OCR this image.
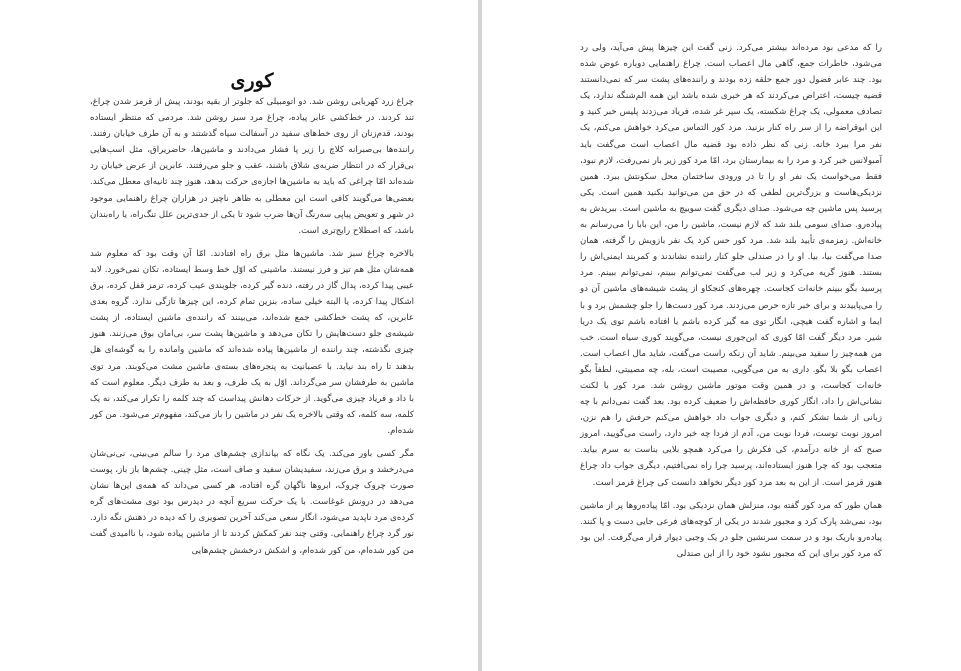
کوری

چراغ زرد کهربایی روشن شد. دو اتومبیلی که جلوتر از بقیه بودند، پیش از قرمز شدن چراغ، تند کردند. در خط‌کشی عابر پیاده، چراغ مرد سبز روشن شد. مردمی که منتظر ایستاده بودند، قدم‌زنان از روی خط‌های سفید در آسفالت سیاه گذشتند و به آن طرف خیابان رفتند. راننده‌ها بی‌صبرانه کلاچ را زیر پا فشار می‌دادند و ماشین‌ها، حاضریراق، مثل اسب‌هایی بی‌قرار که در انتظار ضربه‌ی شلاق باشند، عقب و جلو می‌رفتند. عابرین از عرض خیابان رد شده‌اند امّا چراغی که باید به ماشین‌ها اجازه‌ی حرکت بدهد، هنوز چند ثانیه‌ای معطل می‌کند. بعضی‌ها می‌گویند کافی است این معطلی به ظاهر ناچیز در هزاران چراغ راهنمایی موجود در شهر و تعویض پیاپی سه‌رنگ آن‌ها ضرب شود تا یکی از جدی‌ترین علل تنگ‌راه، یا راه‌بندان باشد، که اصطلاح رایج‌تری است.

بالاخره چراغ سبز شد. ماشین‌ها مثل برق راه افتادند. امّا آن وقت بود که معلوم شد همه‌شان مثل هم تیز و فرز نیستند. ماشینی که اوّل خط وسط ایستاده، تکان نمی‌خورد. لابد عیبی پیدا کرده، پدال گاز در رفته، دنده گیر کرده، جلوبندی عیب کرده، ترمز قفل کرده، برق اشکال پیدا کرده، یا البته خیلی ساده، بنزین تمام کرده، این چیزها تازگی ندارد. گروه بعدی عابرین، که پشت خط‌کشی جمع شده‌اند، می‌بینند که راننده‌ی ماشین ایستاده، از پشت شیشه‌ی جلو دست‌هایش را تکان می‌دهد و ماشین‌ها پشت سر، بی‌امان بوق می‌زنند. هنوز چیزی نگذشته، چند راننده از ماشین‌ها پیاده شده‌اند که ماشین وامانده را به گوشه‌ای هل بدهند تا راه بند نیاید. با عصبانیت به پنجره‌های بسته‌ی ماشین مشت می‌کوبند. مرد توی ماشین به طرفشان سر می‌گرداند. اوّل به یک طرف، و بعد به طرف دیگر. معلوم است که با داد و فریاد چیزی می‌گوید. از حرکات دهانش پیداست که چند کلمه را تکرار می‌کند، نه یک کلمه، سه کلمه، که وقتی بالاخره یک نفر در ماشین را باز می‌کند، مفهوم‌تر می‌شود. من کور شده‌ام.

مگر کسی باور می‌کند. یک نگاه که بیاندازی چشم‌های مرد را سالم می‌بینی، نی‌نی‌شان می‌درخشد و برق می‌زند، سفیدیشان سفید و صاف است، مثل چینی. چشم‌ها باز باز، پوست صورت چروک چروک، ابروها ناگهان گره افتاده، هر کسی می‌داند که همه‌ی این‌ها نشان می‌دهد در درونش غوغاست. با یک حرکت سریع آنچه در دیدرس بود توی مشت‌های گره کرده‌ی مرد ناپدید می‌شود، انگار سعی می‌کند آخرین تصویری را که دیده در ذهنش نگه دارد. نور گرد چراغ راهنمایی. وقتی چند نفر کمکش کردند تا از ماشین پیاده شود، با ناامیدی گفت من کور شده‌ام، من کور شده‌ام، و اشکش درخشش چشم‌هایی

را که مدعی بود مرده‌اند بیشتر می‌کرد. زنی گفت این چیزها پیش می‌آید، ولی رد می‌شود، خاطرات جمع، گاهی مال اعصاب است. چراغ راهنمایی دوباره عوض شده بود. چند عابر فضول دور جمع حلقه زده بودند و راننده‌های پشت سر که نمی‌دانستند قضیه چیست، اعتراض می‌کردند که هر خبری شده باشد این همه الم‌شنگه ندارد، یک تصادف معمولی، یک چراغ شکسته، یک سپر غر شده، فریاد می‌زدند پلیس خبر کنید و این ابوقراضه را از سر راه کنار بزنید. مرد کور التماس می‌کرد خواهش می‌کنم، یک نفر مرا ببرد خانه. زنی که نظر داده بود قضیه مال اعصاب است می‌گفت باید آمبولانس خبر کرد و مرد را به بیمارستان برد، امّا مرد کور زیر بار نمی‌رفت، لازم نبود، فقط می‌خواست یک نفر او را تا در ورودی ساختمان محل سکونتش ببرد. همین نزدیکی‌هاست و بزرگ‌ترین لطفی که در حق من می‌توانید بکنید همین است. یکی پرسید پس ماشین چه می‌شود. صدای دیگری گفت سوییچ به ماشین است. ببریدش به پیاده‌رو. صدای سومی بلند شد که لازم نیست، ماشین را من، این بابا را می‌رسانم به خانه‌اش. زمزمه‌ی تأیید بلند شد. مرد کور حس کرد یک نفر بازویش را گرفته، همان صدا می‌گفت بیا، بیا. او را در صندلی جلو کنار راننده نشاندند و کمربند ایمنی‌اش را بستند. هنوز گریه می‌کرد و زیر لب می‌گفت نمی‌توانم ببینم، نمی‌توانم ببینم. مرد پرسید بگو ببینم خانه‌ات کجاست. چهره‌های کنجکاو از پشت شیشه‌های ماشین آن دو را می‌پاییدند و برای خبر تازه حرص می‌زدند. مرد کور دست‌ها را جلو چشمش برد و با ایما و اشاره گفت هیچی، انگار توی مه گیر کرده باشم یا افتاده باشم توی یک دریا شیر. مرد دیگر گفت امّا کوری که این‌جوری نیست، می‌گویند کوری سیاه است. خب من همه‌چیز را سفید می‌بینم. شاید آن زنکه راست می‌گفت، شاید مال اعصاب است. اعصاب بگو بلا بگو. داری به من می‌گویی، مصیبت است، بله، چه مصیبتی، لطفاً بگو خانه‌ات کجاست، و در همین وقت موتور ماشین روشن شد. مرد کور با لکنت نشانی‌اش را داد، انگار کوری حافظه‌اش را ضعیف کرده بود. بعد گفت نمی‌دانم با چه زبانی از شما تشکر کنم، و دیگری جواب داد خواهش می‌کنم حرفش را هم نزن، امروز نوبت توست، فردا نوبت من، آدم از فردا چه خبر دارد، راست می‌گویید، امروز صبح که از خانه درآمدم، کی فکرش را می‌کرد همچو بلایی بناست به سرم بیاید. متعجب بود که چرا هنوز ایستاده‌اند، پرسید چرا راه نمی‌افتیم، دیگری جواب داد چراغ هنوز قرمز است. از این به بعد مرد کور دیگر نخواهد دانست کی چراغ قرمز است.

همان طور که مرد کور گفته بود، منزلش همان نزدیکی بود. امّا پیاده‌روها پر از ماشین بود، نمی‌شد پارک کرد و مجبور شدند در یکی از کوچه‌های فرعی جایی دست و پا کنند. پیاده‌رو باریک بود و در سمت سرنشین جلو در یک وجبی دیوار قرار می‌گرفت. این بود که مرد کور برای این که مجبور نشود خود را از این صندلی
